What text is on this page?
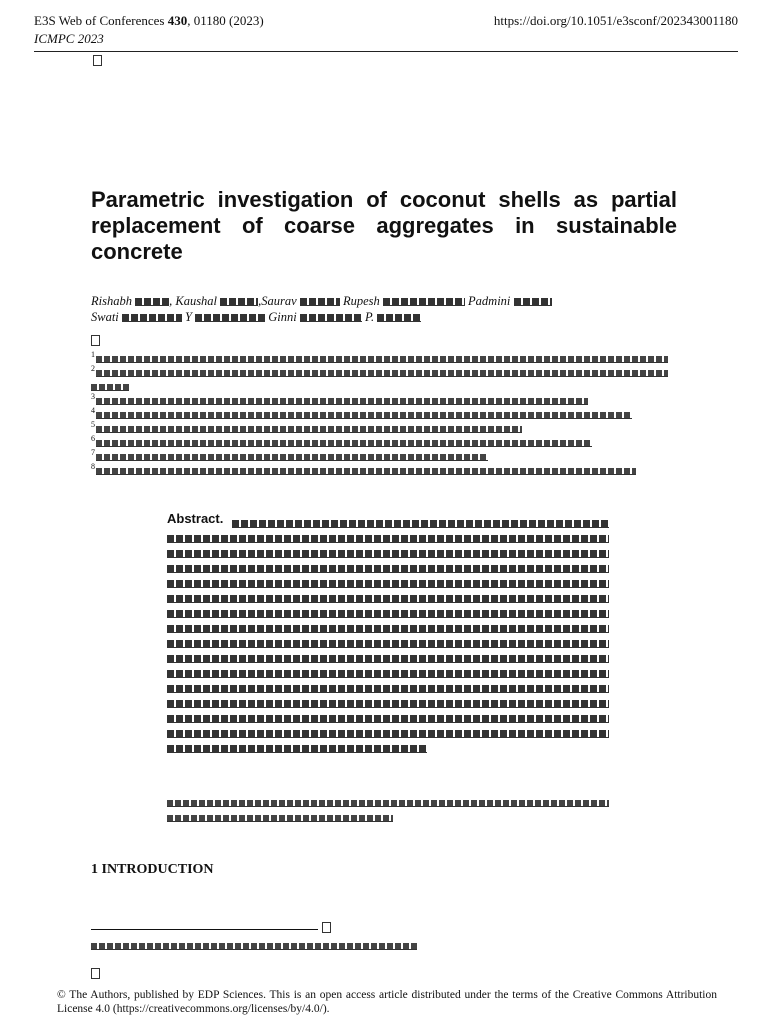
E3S Web of Conferences 430, 01180 (2023)
ICMPC 2023
https://doi.org/10.1051/e3sconf/202343001180
Parametric investigation of coconut shells as partial replacement of coarse aggregates in sustainable concrete
Rishabh	, Kaushal	,Saurav	Rupesh	Padmini
Swati	Y	Ginni	P.
$^1$
$^2$
$^3$
$^4$
$^5$
$^6$
$^7$
$^8$
Abstract.
1 INTRODUCTION
© The Authors, published by EDP Sciences. This is an open access article distributed under the terms of the Creative Commons Attribution License 4.0 (https://creativecommons.org/licenses/by/4.0/).
